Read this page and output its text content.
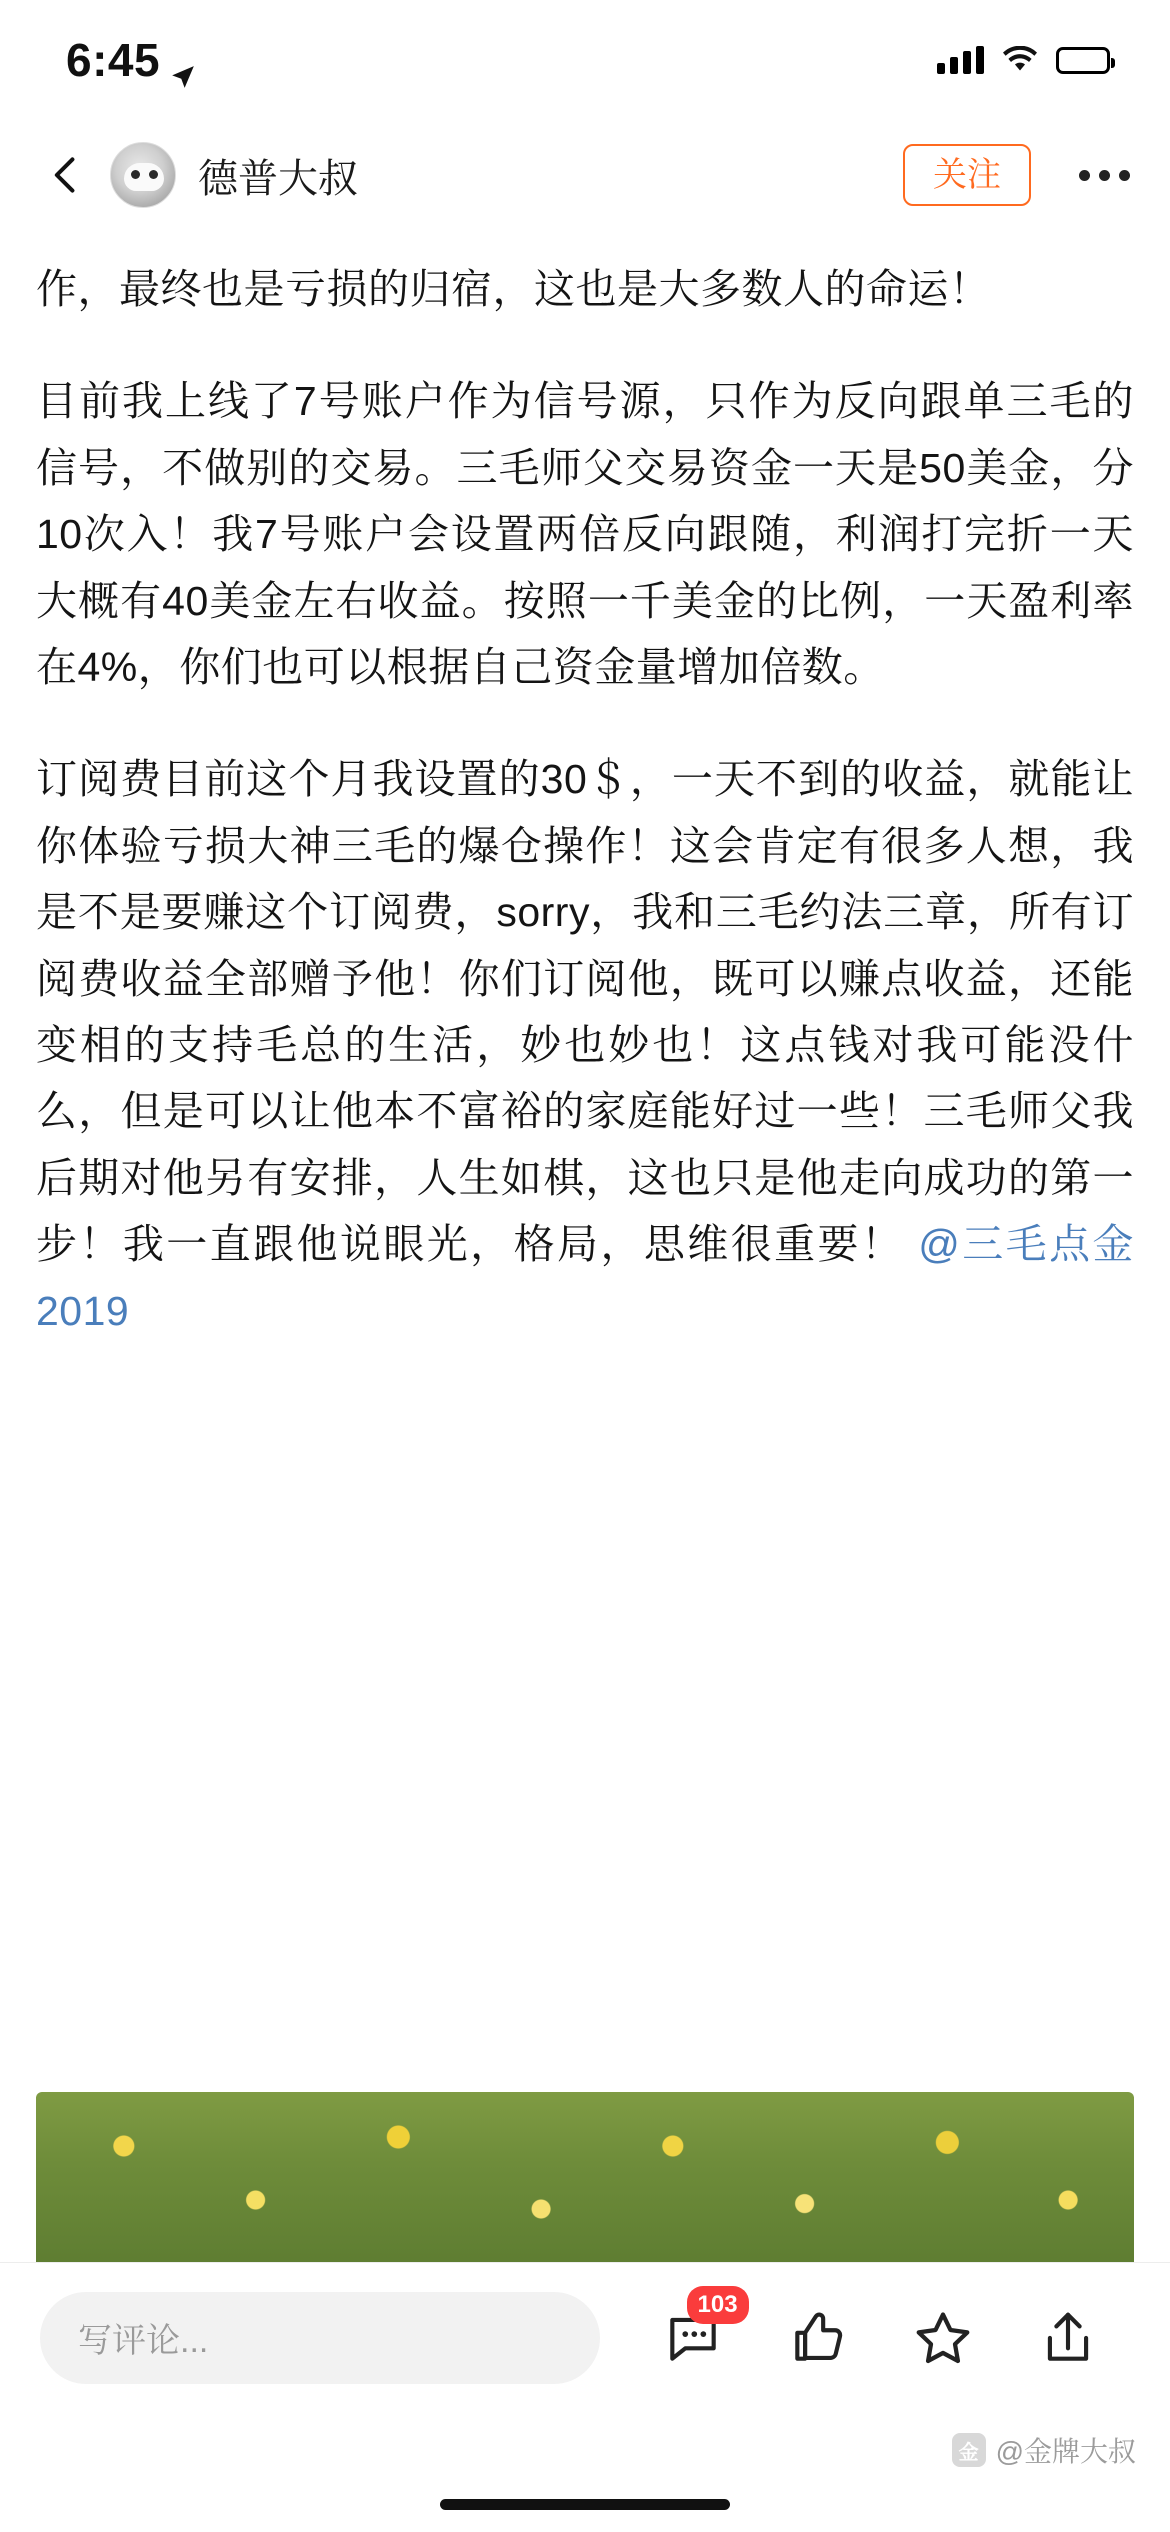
6:45
德普大叔	关注

作，最终也是亏损的归宿，这也是大多数人的命运！

目前我上线了7号账户作为信号源，只作为反向跟单三毛的信号，不做别的交易。三毛师父交易资金一天是50美金，分10次入！我7号账户会设置两倍反向跟随，利润打完折一天大概有40美金左右收益。按照一千美金的比例，一天盈利率在4%，你们也可以根据自己资金量增加倍数。

订阅费目前这个月我设置的30＄，一天不到的收益，就能让你体验亏损大神三毛的爆仓操作！这会肯定有很多人想，我是不是要赚这个订阅费，sorry，我和三毛约法三章，所有订阅费收益全部赠予他！你们订阅他，既可以赚点收益，还能变相的支持毛总的生活，妙也妙也！这点钱对我可能没什么，但是可以让他本不富裕的家庭能好过一些！三毛师父我后期对他另有安排，人生如棋，这也只是他走向成功的第一步！我一直跟他说眼光，格局，思维很重要！ @三毛点金2019

写评论...
103
金 @金牌大叔
